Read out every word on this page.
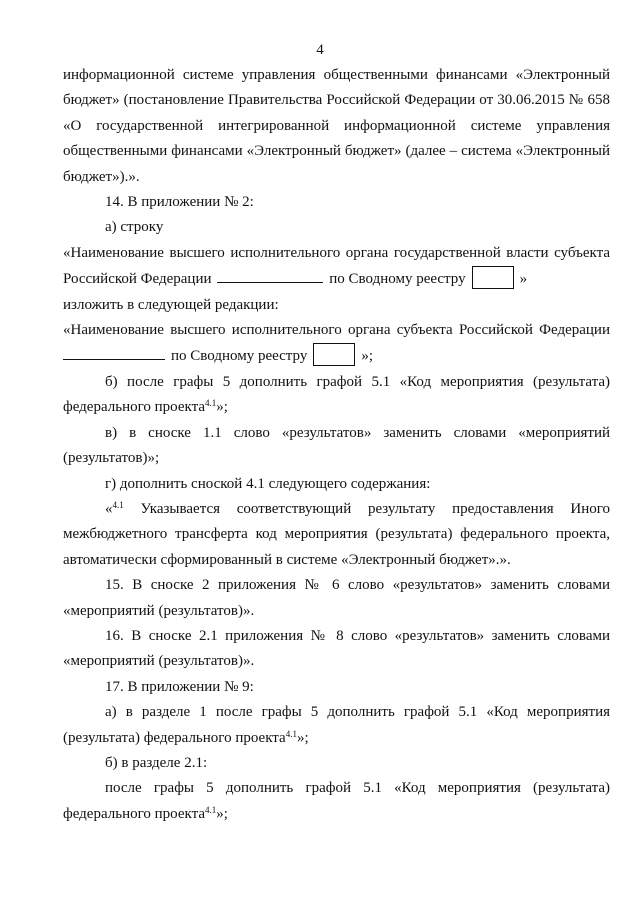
4

информационной системе управления общественными финансами «Электронный бюджет» (постановление Правительства Российской Федерации от 30.06.2015 № 658 «О государственной интегрированной информационной системе управления общественными финансами «Электронный бюджет» (далее – система «Электронный бюджет»).».

14. В приложении № 2:

а) строку

«Наименование высшего исполнительного органа государственной власти субъекта

Российской Федерации	по Сводному реестру	»

изложить в следующей редакции:

«Наименование высшего исполнительного органа субъекта Российской Федерации

по Сводному реестру	»;

б) после графы 5 дополнить графой 5.1 «Код мероприятия (результата) федерального проекта$^{4.1}$»;

в) в сноске 1.1 слово «результатов» заменить словами «мероприятий (результатов)»;

г) дополнить сноской 4.1 следующего содержания:

«$^{4.1}$ Указывается соответствующий результату предоставления Иного межбюджетного трансферта код мероприятия (результата) федерального проекта, автоматически сформированный в системе «Электронный бюджет».».

15. В сноске 2 приложения № 6 слово «результатов» заменить словами «мероприятий (результатов)».

16. В сноске 2.1 приложения № 8 слово «результатов» заменить словами «мероприятий (результатов)».

17. В приложении № 9:

а) в разделе 1 после графы 5 дополнить графой 5.1 «Код мероприятия (результата) федерального проекта$^{4.1}$»;

б) в разделе 2.1:

после графы 5 дополнить графой 5.1 «Код мероприятия (результата) федерального проекта$^{4.1}$»;
